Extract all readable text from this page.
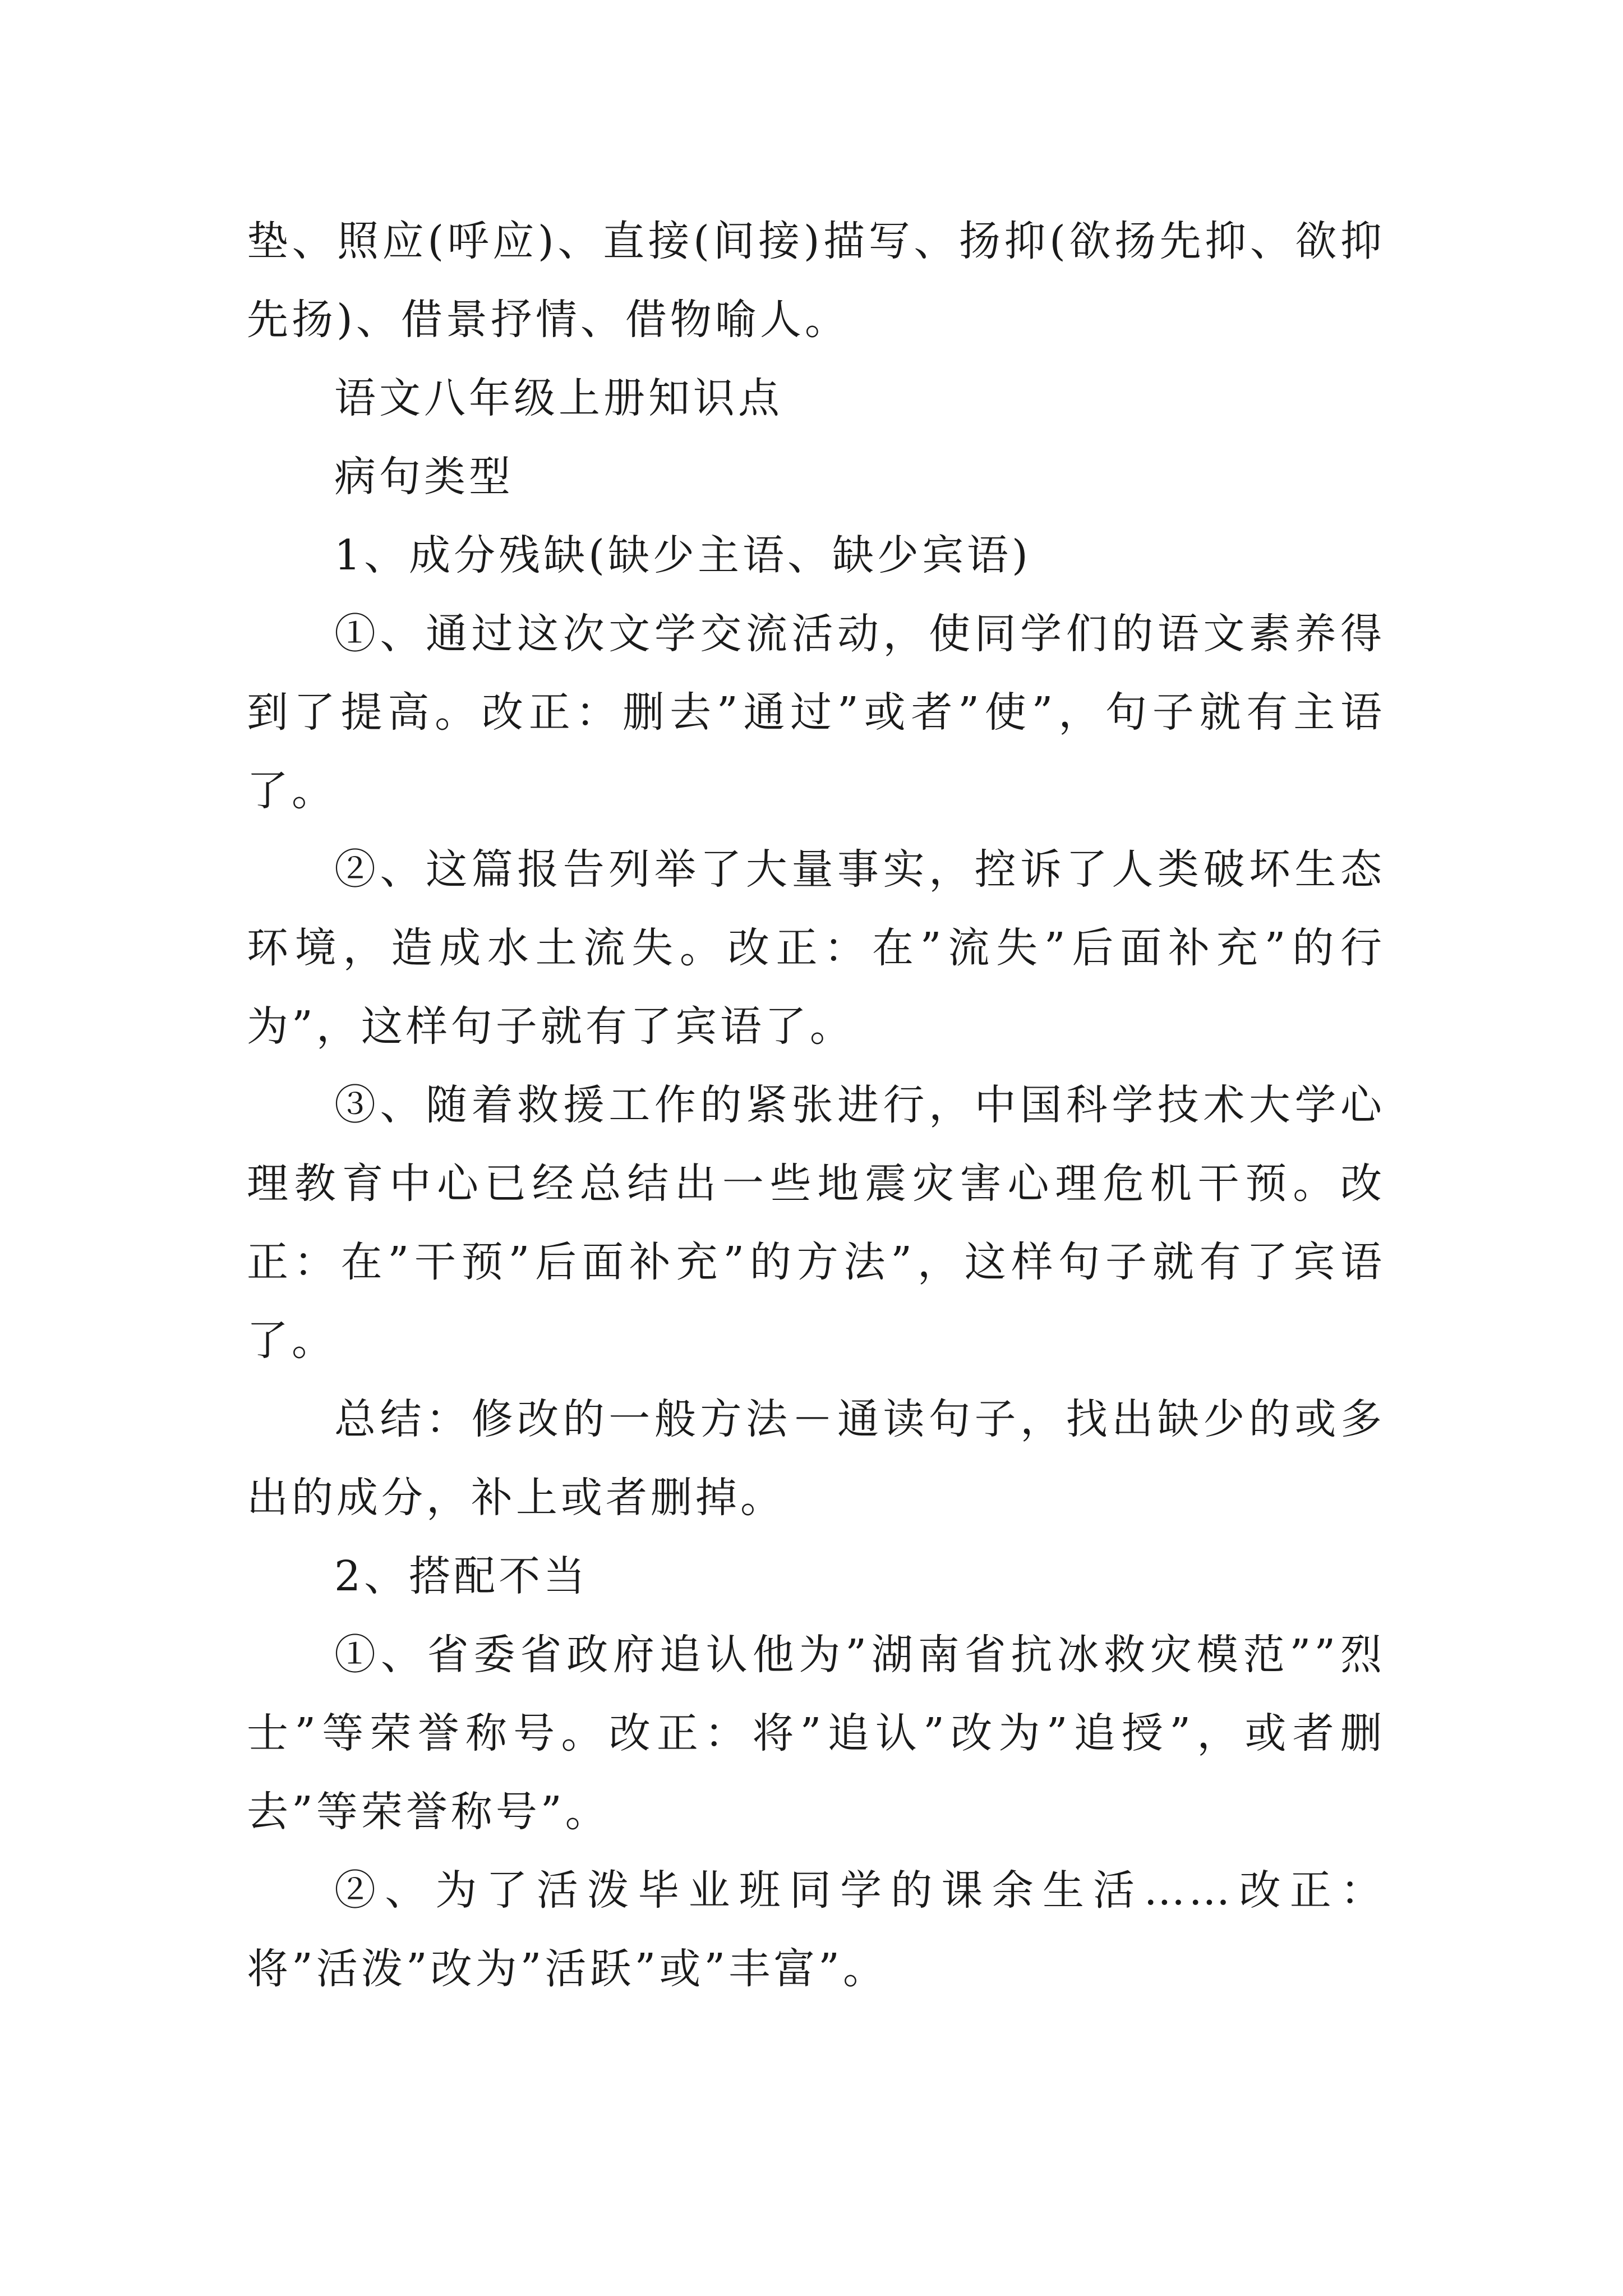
垫、照应(呼应)、直接(间接)描写、扬抑(欲扬先抑、欲抑先扬)、借景抒情、借物喻人。

语文八年级上册知识点

病句类型

1、成分残缺(缺少主语、缺少宾语)

①、通过这次文学交流活动，使同学们的语文素养得到了提高。改正：删去”通过”或者”使”，句子就有主语了。

②、这篇报告列举了大量事实，控诉了人类破坏生态环境，造成水土流失。改正：在”流失”后面补充”的行为”，这样句子就有了宾语了。

③、随着救援工作的紧张进行，中国科学技术大学心理教育中心已经总结出一些地震灾害心理危机干预。改正：在”干预”后面补充”的方法”，这样句子就有了宾语了。

总结：修改的一般方法－通读句子，找出缺少的或多出的成分，补上或者删掉。

2、搭配不当

①、省委省政府追认他为”湖南省抗冰救灾模范””烈士”等荣誉称号。改正：将”追认”改为”追授”，或者删去”等荣誉称号”。

②、为了活泼毕业班同学的课余生活……改正：将”活泼”改为”活跃”或”丰富”。
